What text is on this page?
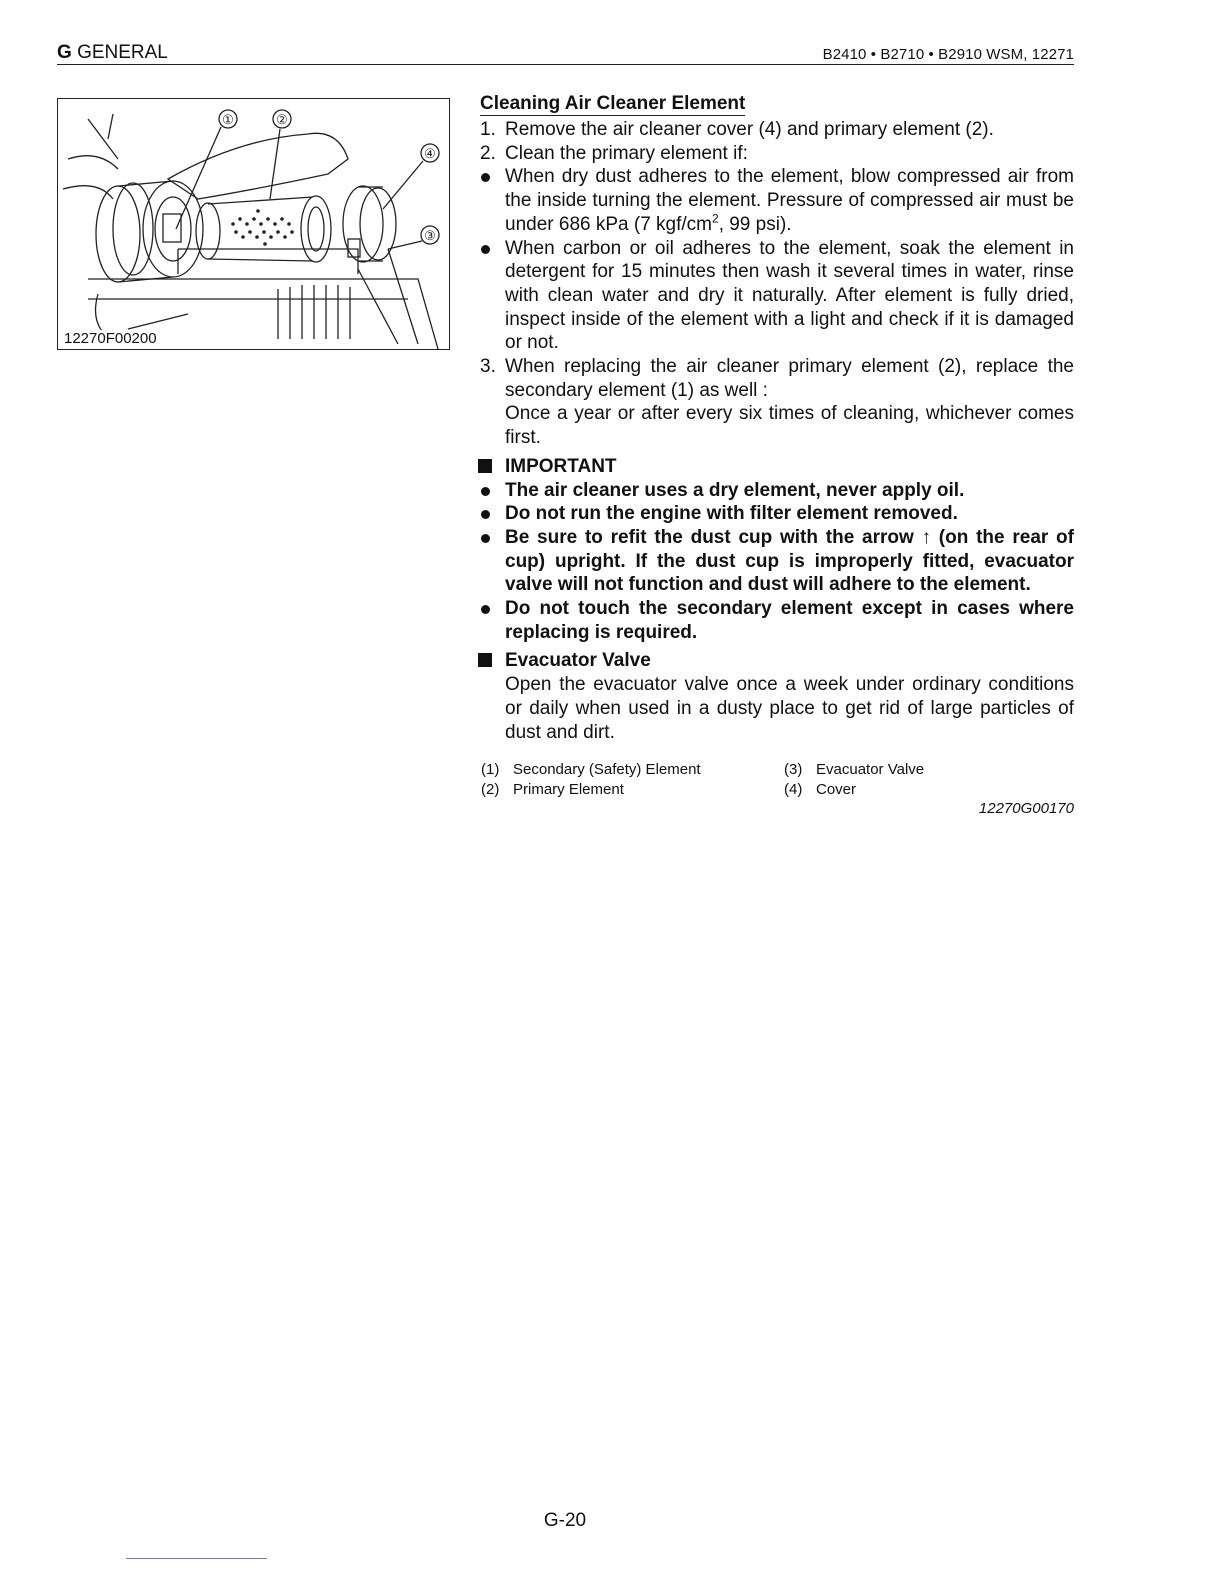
G GENERAL	B2410 • B2710 • B2910 WSM, 12271
①	②
③
④
12270F00200
Cleaning Air Cleaner Element
1. Remove the air cleaner cover (4) and primary element (2).
2. Clean the primary element if:
When dry dust adheres to the element, blow compressed air from the inside turning the element. Pressure of compressed air must be under 686 kPa (7 kgf/$cm^2$, 99 psi).
When carbon or oil adheres to the element, soak the element in detergent for 15 minutes then wash it several times in water, rinse with clean water and dry it naturally. After element is fully dried, inspect inside of the element with a light and check if it is damaged or not.
3. When replacing the air cleaner primary element (2), replace the secondary element (1) as well :
Once a year or after every six times of cleaning, whichever comes first.
IMPORTANT
The air cleaner uses a dry element, never apply oil.
Do not run the engine with filter element removed.
Be sure to refit the dust cup with the arrow ↑ (on the rear of cup) upright. If the dust cup is improperly fitted, evacuator valve will not function and dust will adhere to the element.
Do not touch the secondary element except in cases where replacing is required.
Evacuator Valve
Open the evacuator valve once a week under ordinary conditions or daily when used in a dusty place to get rid of large particles of dust and dirt.
(1) Secondary (Safety) Element
(2) Primary Element
(3) Evacuator Valve
(4) Cover
12270G00170
G-20
